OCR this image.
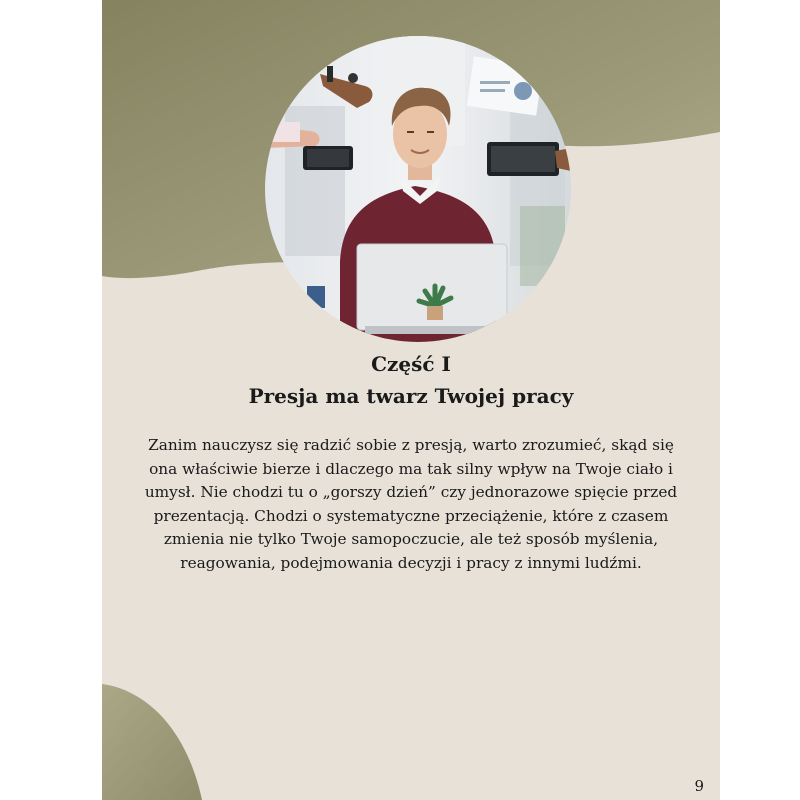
Część I
Presja ma twarz Twojej pracy

Zanim nauczysz się radzić sobie z presją, warto zrozumieć, skąd się ona właściwie bierze i dlaczego ma tak silny wpływ na Twoje ciało i umysł. Nie chodzi tu o „gorszy dzień” czy jednorazowe spięcie przed prezentacją. Chodzi o systematyczne przeciążenie, które z czasem zmienia nie tylko Twoje samopoczucie, ale też sposób myślenia, reagowania, podejmowania decyzji i pracy z innymi ludźmi.

9
